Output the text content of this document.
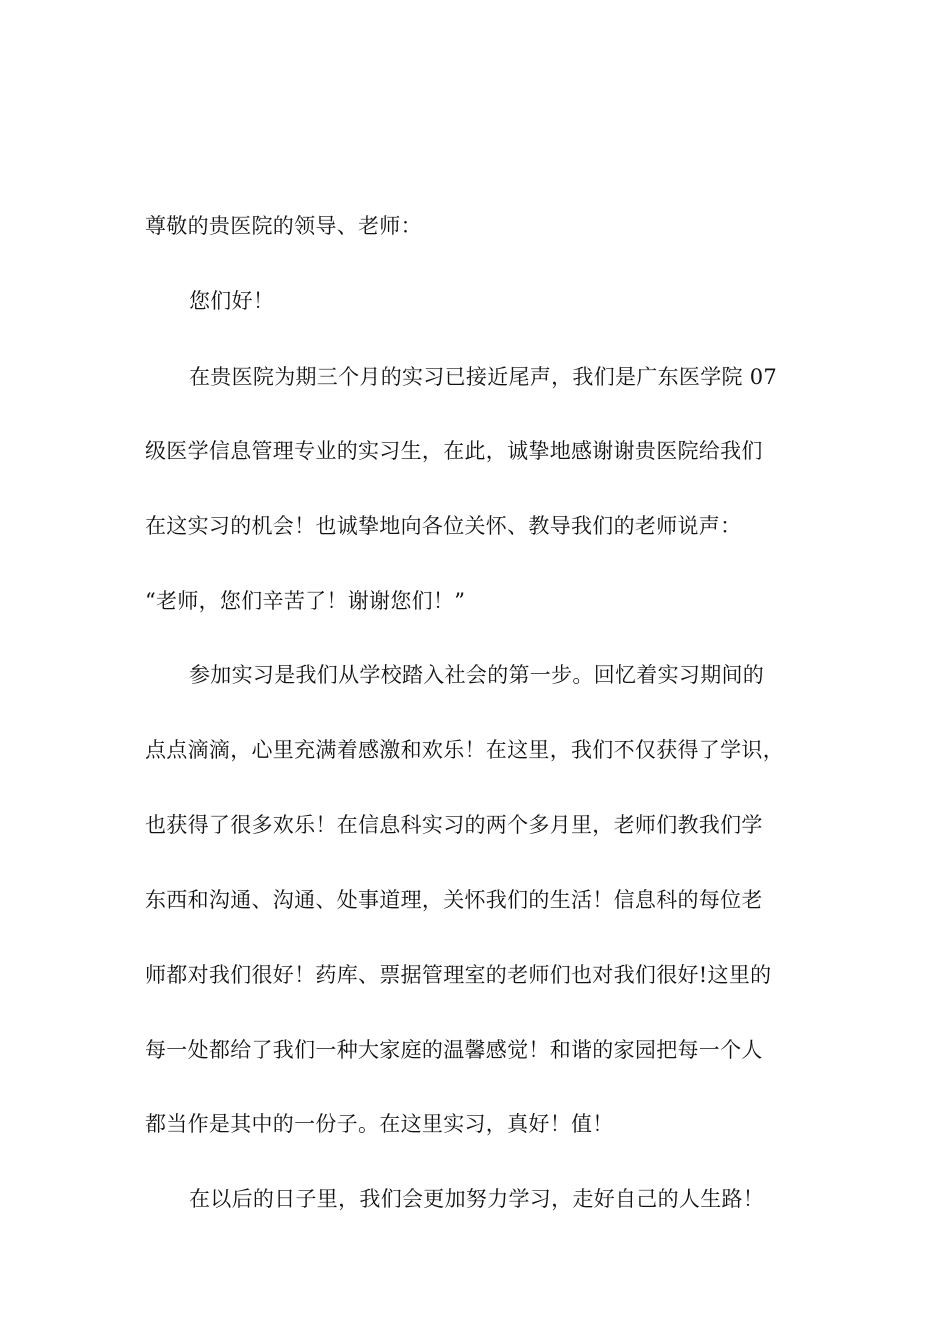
尊敬的贵医院的领导、老师：
您们好！
在贵医院为期三个月的实习已接近尾声，我们是广东医学院 07
级医学信息管理专业的实习生，在此，诚挚地感谢谢贵医院给我们
在这实习的机会！也诚挚地向各位关怀、教导我们的老师说声：
“老师，您们辛苦了！谢谢您们！”
参加实习是我们从学校踏入社会的第一步。回忆着实习期间的
点点滴滴，心里充满着感激和欢乐！在这里，我们不仅获得了学识，
也获得了很多欢乐！在信息科实习的两个多月里，老师们教我们学
东西和沟通、沟通、处事道理，关怀我们的生活！信息科的每位老
师都对我们很好！药库、票据管理室的老师们也对我们很好!这里的
每一处都给了我们一种大家庭的温馨感觉！和谐的家园把每一个人
都当作是其中的一份子。在这里实习，真好！值！
在以后的日子里，我们会更加努力学习，走好自己的人生路！
